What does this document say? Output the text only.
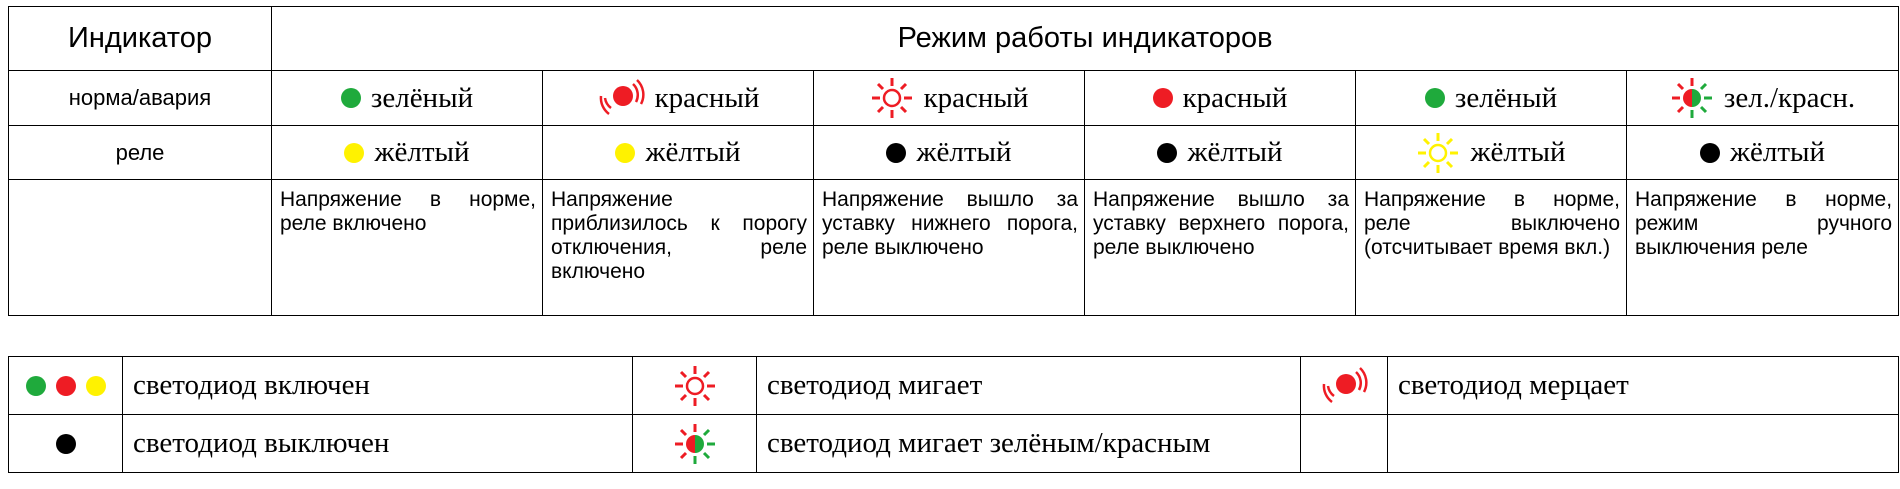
Индикатор	Режим работы индикаторов					
норма/авария	зелёный	красный	красный	красный	зелёный	зел./красн.

реле	жёлтый	жёлтый	жёлтый	жёлтый	жёлтый	жёлтый

	Напряжение в норме, реле включено	Напряжение приблизилось к порогу отключения, реле включено	Напряжение вышло за уставку нижнего порога, реле выключено	Напряжение вышло за уставку верхнего порога, реле выключено	Напряжение в норме, реле выключено (отсчитывает время вкл.)	Напряжение в норме, режим ручного выключения реле
	светодиод включен		светодиод мигает		светодиод мерцает
	светодиод выключен		светодиод мигает зелёным/красным		
